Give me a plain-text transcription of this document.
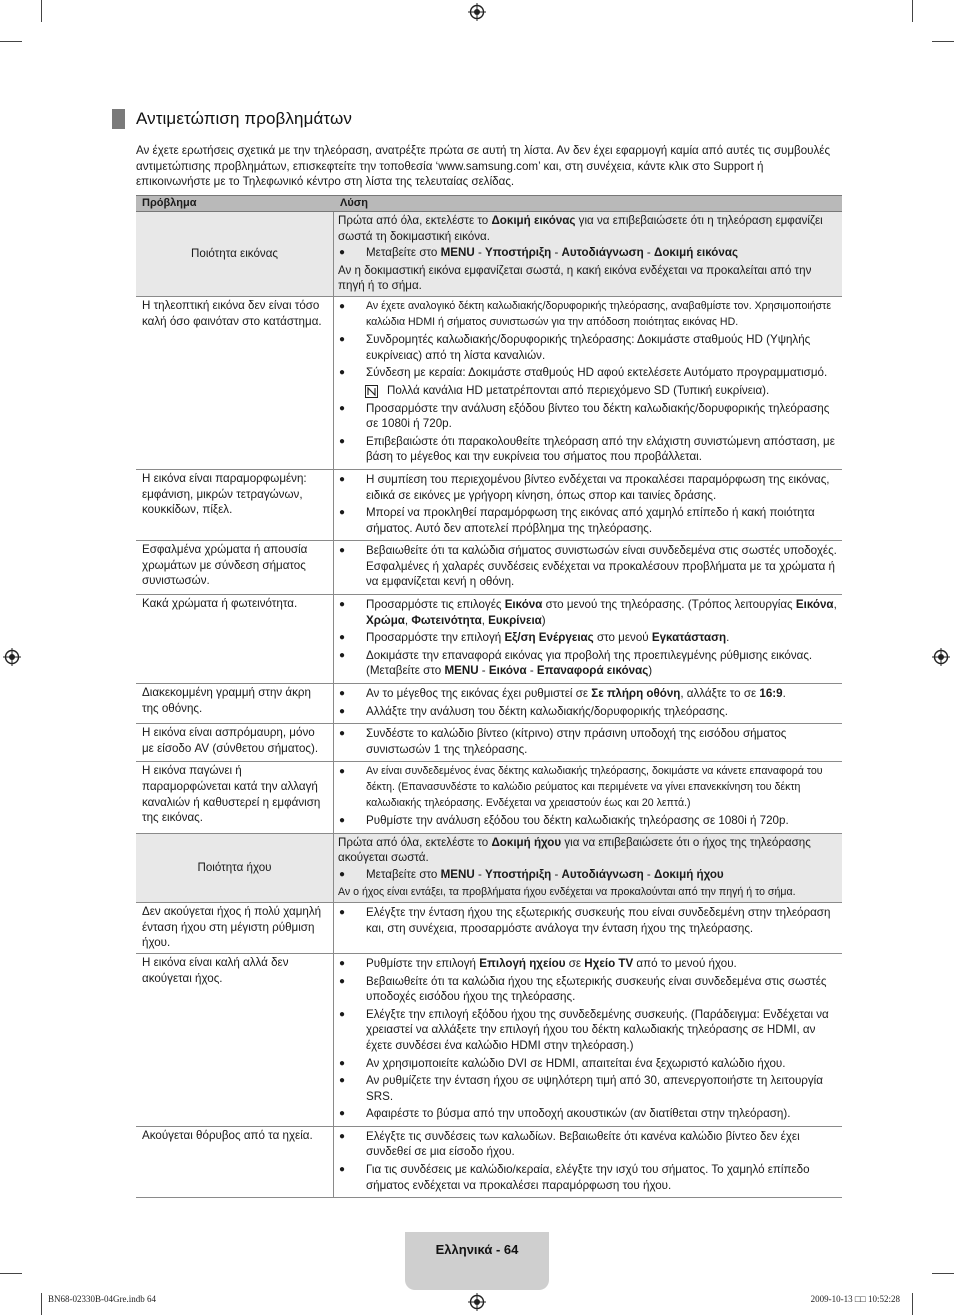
Αντιμετώπιση προβλημάτων
Αν έχετε ερωτήσεις σχετικά με την τηλεόραση, ανατρέξτε πρώτα σε αυτή τη λίστα. Αν δεν έχει εφαρμογή καμία από αυτές τις συμβουλές αντιμετώπισης προβλημάτων, επισκεφτείτε την τοποθεσία ‘www.samsung.com’ και, στη συνέχεια, κάντε κλικ στο Support ή επικοινωνήστε με το Τηλεφωνικό κέντρο στη λίστα της τελευταίας σελίδας.
Πρόβλημα	Λύση
Ποιότητα εικόνας
Πρώτα από όλα, εκτελέστε το Δοκιμή εικόνας για να επιβεβαιώσετε ότι η τηλεόραση εμφανίζει σωστά τη δοκιμαστική εικόνα.
●	Μεταβείτε στο MENU - Υποστήριξη - Αυτοδιάγνωση - Δοκιμή εικόνας
Αν η δοκιμαστική εικόνα εμφανίζεται σωστά, η κακή εικόνα ενδέχεται να προκαλείται από την πηγή ή το σήμα.
Η τηλεοπτική εικόνα δεν είναι τόσο καλή όσο φαινόταν στο κατάστημα.
●	Αν έχετε αναλογικό δέκτη καλωδιακής/δορυφορικής τηλεόρασης, αναβαθμίστε τον. Χρησιμοποιήστε καλώδια HDMI ή σήματος συνιστωσών για την απόδοση ποιότητας εικόνας HD.
●	Συνδρομητές καλωδιακής/δορυφορικής τηλεόρασης: Δοκιμάστε σταθμούς HD (Υψηλής ευκρίνειας) από τη λίστα καναλιών.
●	Σύνδεση με κεραία: Δοκιμάστε σταθμούς HD αφού εκτελέσετε Αυτόματο προγραμματισμό.
Πολλά κανάλια HD μετατρέπονται από περιεχόμενο SD (Τυπική ευκρίνεια).
●	Προσαρμόστε την ανάλυση εξόδου βίντεο του δέκτη καλωδιακής/δορυφορικής τηλεόρασης σε 1080i ή 720p.
●	Επιβεβαιώστε ότι παρακολουθείτε τηλεόραση από την ελάχιστη συνιστώμενη απόσταση, με βάση το μέγεθος και την ευκρίνεια του σήματος που προβάλλεται.
Η εικόνα είναι παραμορφωμένη: εμφάνιση, μικρών τετραγώνων, κουκκίδων, πίξελ.
●	Η συμπίεση του περιεχομένου βίντεο ενδέχεται να προκαλέσει παραμόρφωση της εικόνας, ειδικά σε εικόνες με γρήγορη κίνηση, όπως σπορ και ταινίες δράσης.
●	Μπορεί να προκληθεί παραμόρφωση της εικόνας από χαμηλό επίπεδο ή κακή ποιότητα σήματος. Αυτό δεν αποτελεί πρόβλημα της τηλεόρασης.
Εσφαλμένα χρώματα ή απουσία χρωμάτων με σύνδεση σήματος συνιστωσών.
●	Βεβαιωθείτε ότι τα καλώδια σήματος συνιστωσών είναι συνδεδεμένα στις σωστές υποδοχές. Εσφαλμένες ή χαλαρές συνδέσεις ενδέχεται να προκαλέσουν προβλήματα με τα χρώματα ή να εμφανίζεται κενή η οθόνη.
Κακά χρώματα ή φωτεινότητα.	●	Προσαρμόστε τις επιλογές Εικόνα στο μενού της τηλεόρασης. (Τρόπος λειτουργίας Εικόνα, Χρώμα, Φωτεινότητα, Ευκρίνεια)
●	Προσαρμόστε την επιλογή Εξ/ση Ενέργειας στο μενού Εγκατάσταση.
●	Δοκιμάστε την επαναφορά εικόνας για προβολή της προεπιλεγμένης ρύθμισης εικόνας. (Μεταβείτε στο MENU - Εικόνα - Επαναφορά εικόνας)
Διακεκομμένη γραμμή στην άκρη της οθόνης.
●	Αν το μέγεθος της εικόνας έχει ρυθμιστεί σε Σε πλήρη οθόνη, αλλάξτε το σε 16:9.
●	Αλλάξτε την ανάλυση του δέκτη καλωδιακής/δορυφορικής τηλεόρασης.
Η εικόνα είναι ασπρόμαυρη, μόνο με είσοδο AV (σύνθετου σήματος).
●	Συνδέστε το καλώδιο βίντεο (κίτρινο) στην πράσινη υποδοχή της εισόδου σήματος συνιστωσών 1 της τηλεόρασης.
Η εικόνα παγώνει ή παραμορφώνεται κατά την αλλαγή καναλιών ή καθυστερεί η εμφάνιση της εικόνας.
●	Αν είναι συνδεδεμένος ένας δέκτης καλωδιακής τηλεόρασης, δοκιμάστε να κάνετε επαναφορά του δέκτη. (Επανασυνδέστε το καλώδιο ρεύματος και περιμένετε να γίνει επανεκκίνηση του δέκτη καλωδιακής τηλεόρασης. Ενδέχεται να χρειαστούν έως και 20 λεπτά.)
●	Ρυθμίστε την ανάλυση εξόδου του δέκτη καλωδιακής τηλεόρασης σε 1080i ή 720p.
Ποιότητα ήχου
Πρώτα από όλα, εκτελέστε το Δοκιμή ήχου για να επιβεβαιώσετε ότι ο ήχος της τηλεόρασης ακούγεται σωστά.
●	Μεταβείτε στο MENU - Υποστήριξη - Αυτοδιάγνωση - Δοκιμή ήχου
Αν ο ήχος είναι εντάξει, τα προβλήματα ήχου ενδέχεται να προκαλούνται από την πηγή ή το σήμα.
Δεν ακούγεται ήχος ή πολύ χαμηλή ένταση ήχου στη μέγιστη ρύθμιση ήχου.
●	Ελέγξτε την ένταση ήχου της εξωτερικής συσκευής που είναι συνδεδεμένη στην τηλεόραση και, στη συνέχεια, προσαρμόστε ανάλογα την ένταση ήχου της τηλεόρασης.
Η εικόνα είναι καλή αλλά δεν ακούγεται ήχος.
●	Ρυθμίστε την επιλογή Επιλογή ηχείου σε Ηχείο TV από το μενού ήχου.
●	Βεβαιωθείτε ότι τα καλώδια ήχου της εξωτερικής συσκευής είναι συνδεδεμένα στις σωστές υποδοχές εισόδου ήχου της τηλεόρασης.
●	Ελέγξτε την επιλογή εξόδου ήχου της συνδεδεμένης συσκευής. (Παράδειγμα: Ενδέχεται να χρειαστεί να αλλάξετε την επιλογή ήχου του δέκτη καλωδιακής τηλεόρασης σε HDMI, αν έχετε συνδέσει ένα καλώδιο HDMI στην τηλεόραση.)
●	Αν χρησιμοποιείτε καλώδιο DVI σε HDMI, απαιτείται ένα ξεχωριστό καλώδιο ήχου.
●	Αν ρυθμίζετε την ένταση ήχου σε υψηλότερη τιμή από 30, απενεργοποιήστε τη λειτουργία SRS.
●	Αφαιρέστε το βύσμα από την υποδοχή ακουστικών (αν διατίθεται στην τηλεόραση).
Ακούγεται θόρυβος από τα ηχεία.	●	Ελέγξτε τις συνδέσεις των καλωδίων. Βεβαιωθείτε ότι κανένα καλώδιο βίντεο δεν έχει συνδεθεί σε μια είσοδο ήχου.
●	Για τις συνδέσεις με καλώδιο/κεραία, ελέγξτε την ισχύ του σήματος. Το χαμηλό επίπεδο σήματος ενδέχεται να προκαλέσει παραμόρφωση του ήχου.
Ελληνικά - 64
BN68-02330B-04Gre.indb 64	2009-10-13 □□ 10:52:28
